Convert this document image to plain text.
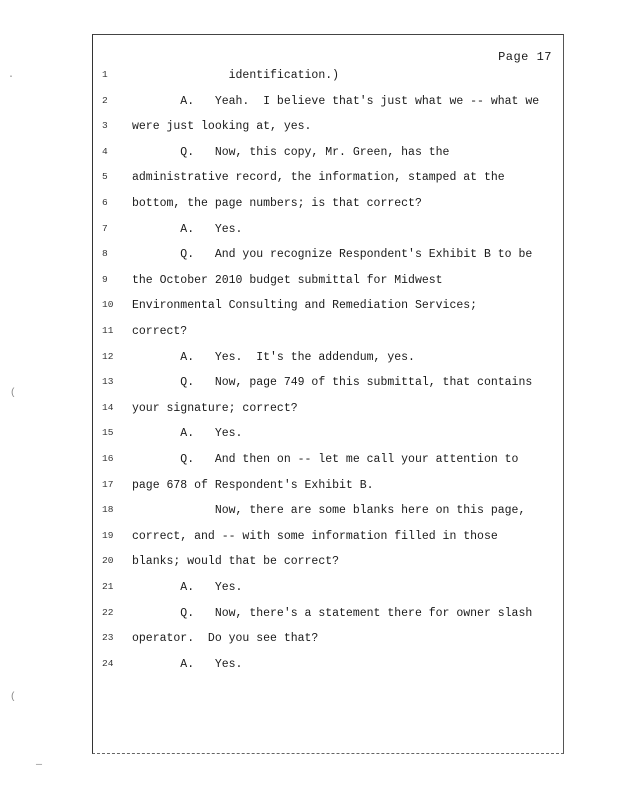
Page 17
1 identification.)
2 A.   Yeah.  I believe that's just what we -- what we
3 were just looking at, yes.
4 Q.   Now, this copy, Mr. Green, has the
5 administrative record, the information, stamped at the
6 bottom, the page numbers; is that correct?
7 A.   Yes.
8 Q.   And you recognize Respondent's Exhibit B to be
9 the October 2010 budget submittal for Midwest
10 Environmental Consulting and Remediation Services;
11 correct?
12 A.   Yes.  It's the addendum, yes.
13 Q.   Now, page 749 of this submittal, that contains
14 your signature; correct?
15 A.   Yes.
16 Q.   And then on -- let me call your attention to
17 page 678 of Respondent's Exhibit B.
18 Now, there are some blanks here on this page,
19 correct, and -- with some information filled in those
20 blanks; would that be correct?
21 A.   Yes.
22 Q.   Now, there's a statement there for owner slash
23 operator.  Do you see that?
24 A.   Yes.
·
(
(
—
